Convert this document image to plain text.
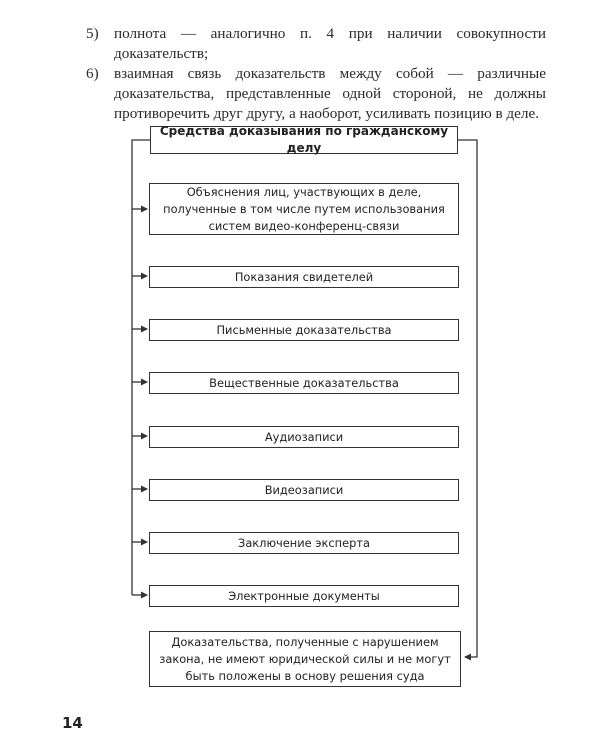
5) полнота — аналогично п. 4 при наличии совокупности доказательств;
6) взаимная связь доказательств между собой — различные доказательства, представленные одной стороной, не должны противоречить друг другу, а наоборот, усиливать позицию в деле.
Средства доказывания по гражданскому делу
Объяснения лиц, участвующих в деле, полученные в том числе путем использования систем видео-конференц-связи
Показания свидетелей
Письменные доказательства
Вещественные доказательства
Аудиозаписи
Видеозаписи
Заключение эксперта
Электронные документы
Доказательства, полученные с нарушением закона, не имеют юридической силы и не могут быть положены в основу решения суда
14
